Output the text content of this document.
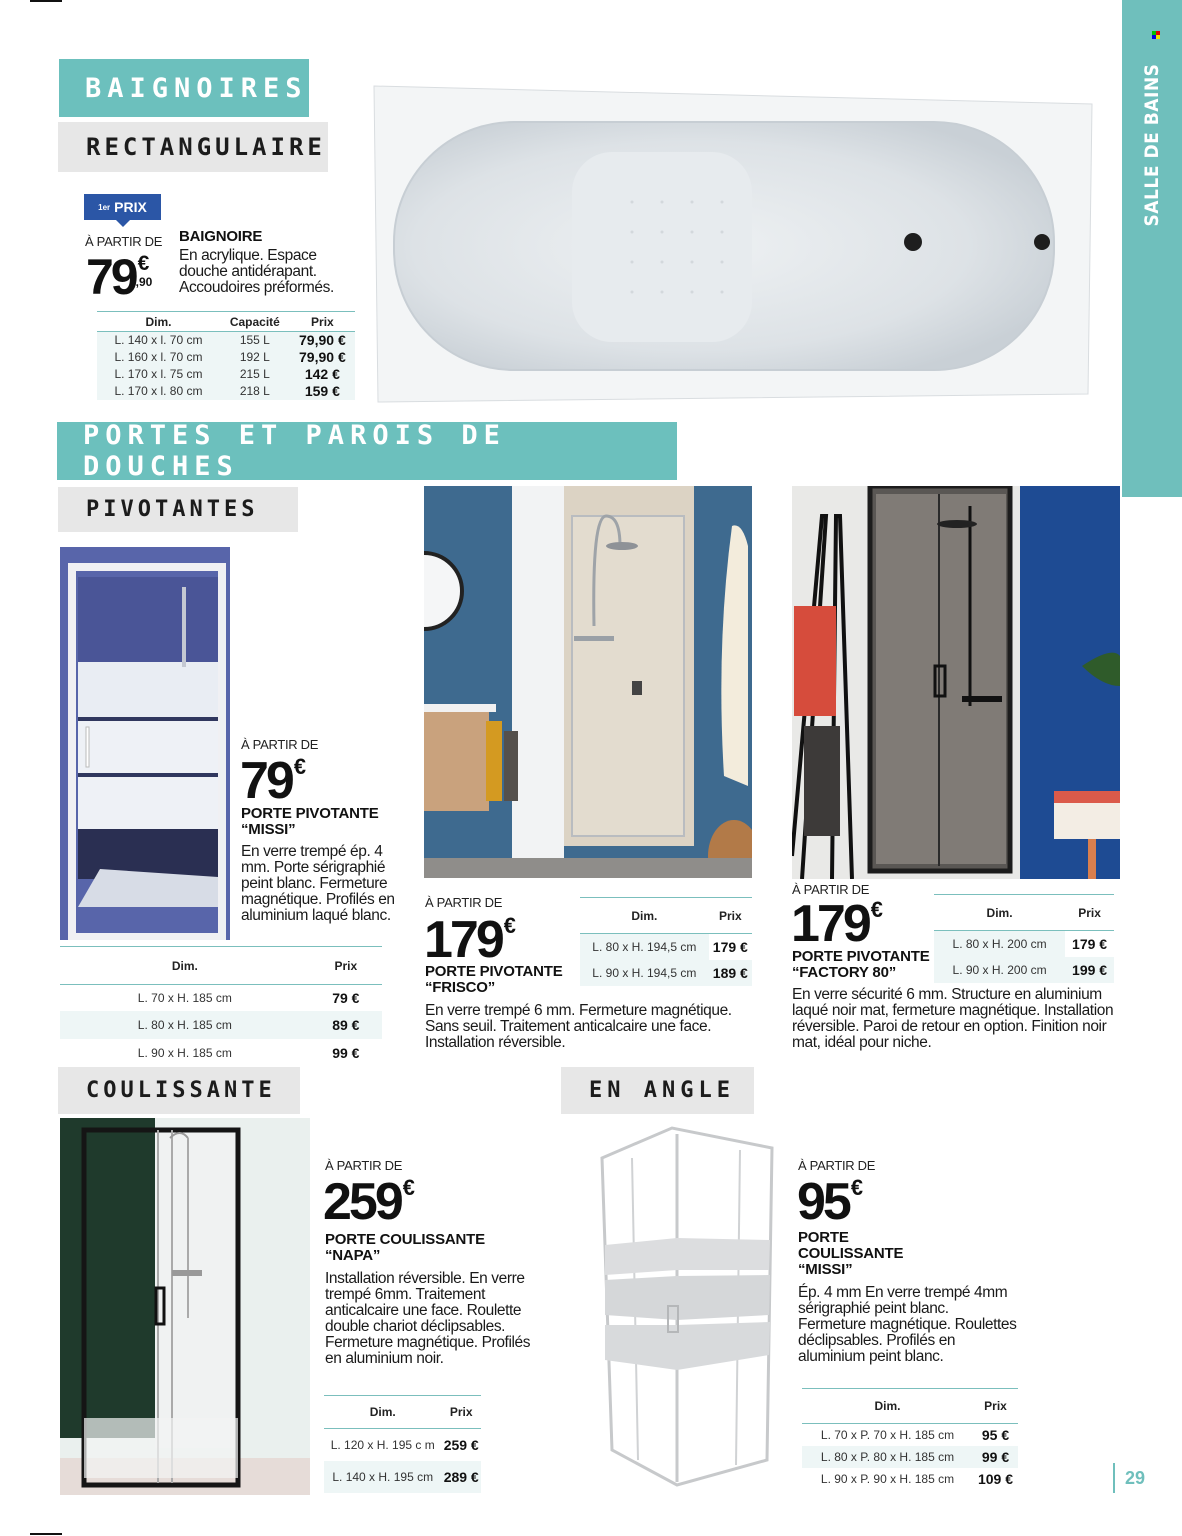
SALLE DE BAINS
BAIGNOIRES
RECTANGULAIRE
1er PRIX
À PARTIR DE
79 €
,90
BAIGNOIRE
En acrylique. Espace douche antidérapant. Accoudoires préformés.
Dim.	Capacité	Prix
L. 140 x l. 70 cm	155 L	79,90 €
L. 160 x l. 70 cm	192 L	79,90 €
L. 170 x l. 75 cm	215 L	142 €
L. 170 x l. 80 cm	218 L	159 €
PORTES ET PAROIS DE DOUCHES
PIVOTANTES
À PARTIR DE
79 €
PORTE PIVOTANTE
“MISSI”
En verre trempé ép. 4 mm. Porte sérigraphié peint blanc. Fermeture magnétique. Profilés en aluminium laqué blanc.
Dim.	Prix
L. 70 x H. 185 cm	79 €
L. 80 x H. 185 cm	89 €
L. 90 x H. 185 cm	99 €
À PARTIR DE
179 €
PORTE PIVOTANTE
“FRISCO”
En verre trempé 6 mm. Fermeture magnétique. Sans seuil. Traitement anticalcaire une face. Installation réversible.
Dim.	Prix
L. 80 x H. 194,5 cm	179 €
L. 90 x H. 194,5 cm	189 €
À PARTIR DE
179 €
PORTE PIVOTANTE
“FACTORY 80”
En verre sécurité 6 mm. Structure en aluminium laqué noir mat, fermeture magnétique. Installation réversible. Paroi de retour en option. Finition noir mat, idéal pour niche.
Dim.	Prix
L. 80 x H. 200 cm	179 €
L. 90 x H. 200 cm	199 €
COULISSANTE
À PARTIR DE
259 €
PORTE COULISSANTE
“NAPA”
Installation réversible. En verre trempé 6mm. Traitement anticalcaire une face. Roulette double chariot déclipsables. Fermeture magnétique. Profilés en aluminium noir.
Dim.	Prix
L. 120 x H. 195 c m	259 €
L. 140 x H. 195 cm	289 €
EN ANGLE
À PARTIR DE
95 €
PORTE
COULISSANTE
“MISSI”
Ép. 4 mm En verre trempé 4mm sérigraphié peint blanc. Fermeture magnétique. Roulettes déclipsables. Profilés en aluminium peint blanc.
Dim.	Prix
L. 70 x P. 70 x H. 185 cm	95 €
L. 80 x P. 80 x H. 185 cm	99 €
L. 90 x P. 90 x H. 185 cm	109 €	29
